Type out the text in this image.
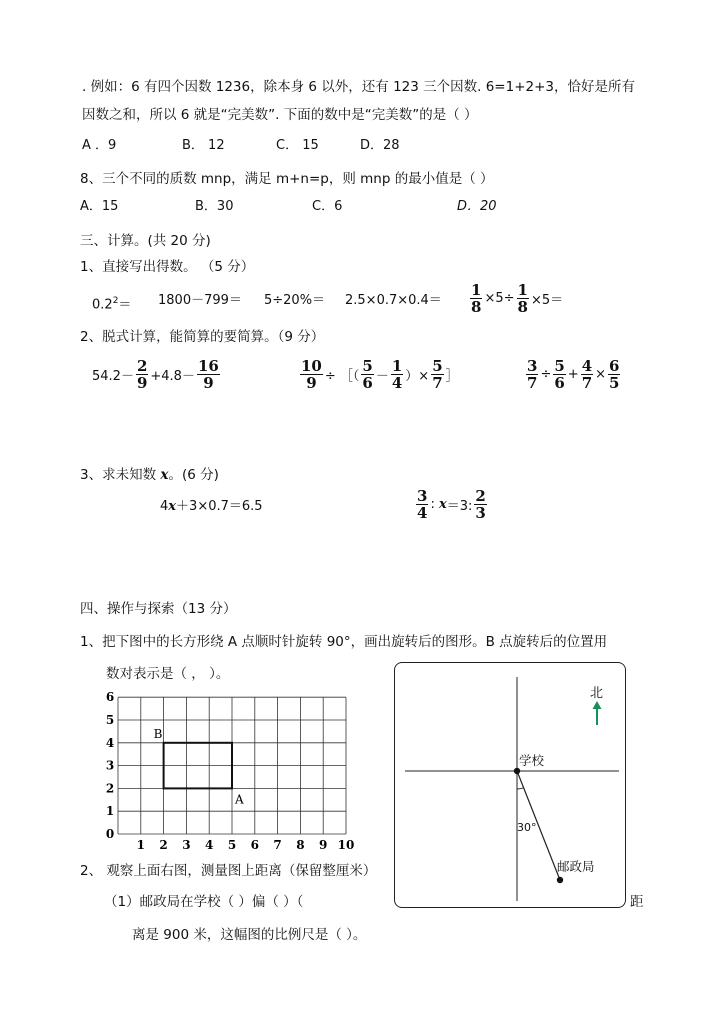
. 例如：6 有四个因数 1236，除本身 6 以外，还有 123 三个因数. 6=1+2+3，恰好是所有
因数之和，所以 6 就是“完美数”. 下面的数中是“完美数”的是（ ）
A ．9	B． 12	C． 15	D．28
8、三个不同的质数 mnp，满足 m+n=p，则 mnp 的最小值是（ ）
A．15	B．30	C．6	D．20
三、计算。(共 20 分)
1、直接写出得数。 （5 分）
$0.2^2= 1800-799= 5\div 20\%= 2.5\times 0.7\times 0.4= \frac{1}{8} \times 5\div \frac{1}{8} \times 5=$
2、脱式计算，能简算的要简算。（9 分）
$54.2- \frac{2}{9} +4.8- \frac{16}{9}$	$\frac{10}{9}$ ÷ ［（ $\frac{5}{6} - \frac{1}{4}$ ）× $\frac{5}{7}$ ］	$\frac{3}{7} \div \frac{5}{6} + \frac{4}{7} \times \frac{6}{5}$
3、求未知数 x。(6 分)
4x＋3×0.7＝6.5	$\frac{3}{4}$ :
x ＝3: $\frac{2}{3}$
四、操作与探索（13 分）
1、把下图中的长方形绕 A 点顺时针旋转 90°，画出旋转后的图形。B 点旋转后的位置用
数对表示是（ ， ）。
1 2 3 4 5 6 7 8 9 10
0
1
2
3
4
5
6
B
A
北
学校
邮政局
30°
2、 观察上面右图，测量图上距离（保留整厘米）
（1）邮政局在学校（ ）偏（ ）（	距
离是 900 米，这幅图的比例尺是（ ）。
